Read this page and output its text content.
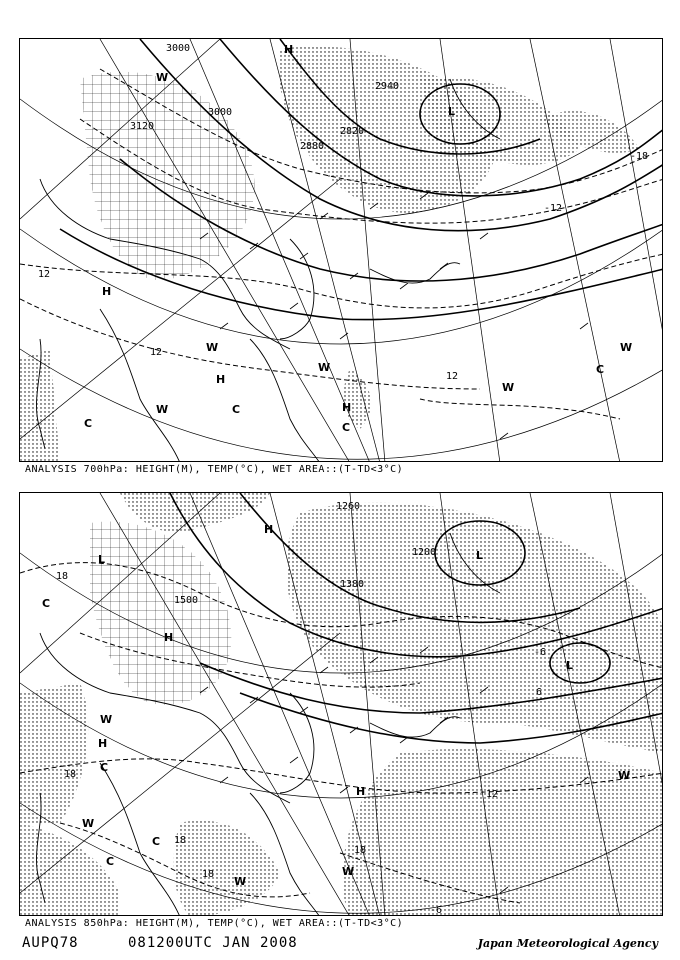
3000
3000
3120
2940
2820
2880
12
12
12
-18
-12
L
H
H
H
H
C
C
C
C
W
W
W
W
W
W
ANALYSIS 700hPa: HEIGHT(M), TEMP(°C), WET AREA::(T-TD<3°C)
1500
1380
1260
1200
18
18
18
18
18
12
-6
6
-6
L	L
L
H
H
H
H
C
C
C
C
W
W
W
W
W
ANALYSIS 850hPa: HEIGHT(M), TEMP(°C), WET AREA::(T-TD<3°C)
AUPQ78	081200UTC JAN 2008	Japan Meteorological Agency
